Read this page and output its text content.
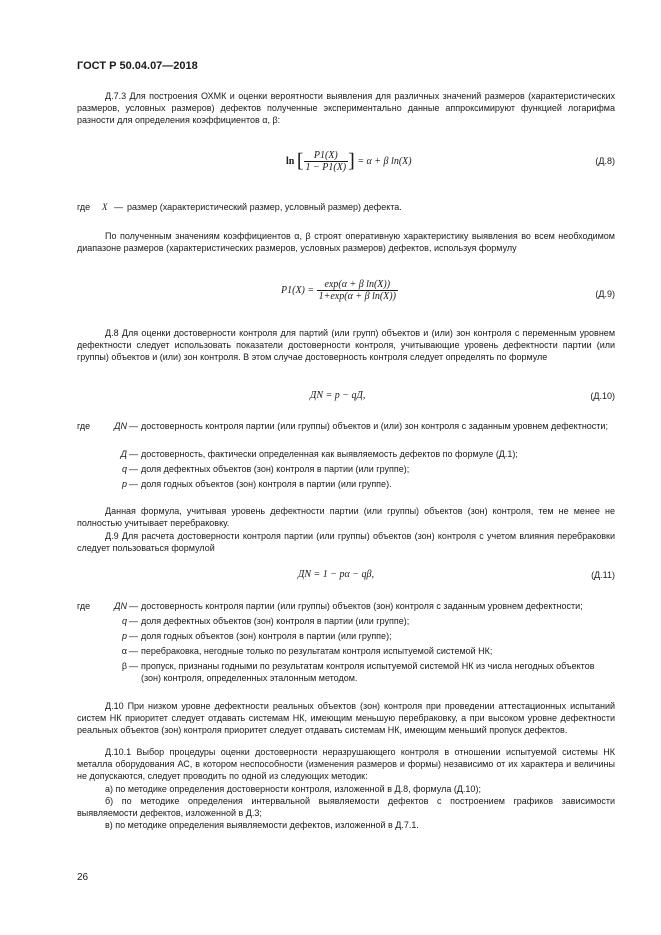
ГОСТ Р 50.04.07—2018

Д.7.3 Для построения ОХМК и оценки вероятности выявления для различных значений размеров (характеристических размеров, условных размеров) дефектов полученные экспериментально данные аппроксимируют функцией логарифма разности для определения коэффициентов α, β:

ln [ $\frac{P1(X)}{1 - P1(X)}$ ] = α + β ln(X)	(Д.8)
где X — размер (характеристический размер, условный размер) дефекта.

По полученным значениям коэффициентов α, β строят оперативную характеристику выявления во всем необходимом диапазоне размеров (характеристических размеров, условных размеров) дефектов, используя формулу

$P1(X) = \frac{\text{exp(α + β ln(X))}}{\text{1+exp(α + β ln(X))}}$	(Д.9)

Д.8 Для оценки достоверности контроля для партий (или групп) объектов и (или) зон контроля с переменным уровнем дефектности следует использовать показатели достоверности контроля, учитывающие уровень дефектности партии (или группы) объектов и (или) зон контроля. В этом случае достоверность контроля следует определять по формуле

ДN = p − qД,	(Д.10)
где	ДN — достоверность контроля партии (или группы) объектов и (или) зон контроля с заданным уровнем дефектности;
Д — достоверность, фактически определенная как выявляемость дефектов по формуле (Д.1);
q — доля дефектных объектов (зон) контроля в партии (или группе);
p — доля годных объектов (зон) контроля в партии (или группе).

Данная формула, учитывая уровень дефектности партии (или группы) объектов (зон) контроля, тем не менее не полностью учитывает перебраковку.

Д.9 Для расчета достоверности контроля партии (или группы) объектов (зон) контроля с учетом влияния перебраковки следует пользоваться формулой

ДN = 1 − pα − qβ,	(Д.11)
где	ДN — достоверность контроля партии (или группы) объектов (зон) контроля с заданным уровнем дефектности;
q — доля дефектных объектов (зон) контроля в партии (или группе);
p — доля годных объектов (зон) контроля в партии (или группе);
α — перебраковка, негодные только по результатам контроля испытуемой системой НК;
β — пропуск, признаны годными по результатам контроля испытуемой системой НК из числа негодных объектов (зон) контроля, определенных эталонным методом.

Д.10 При низком уровне дефектности реальных объектов (зон) контроля при проведении аттестационных испытаний систем НК приоритет следует отдавать системам НК, имеющим меньшую перебраковку, а при высоком уровне дефектности реальных объектов (зон) контроля приоритет следует отдавать системам НК, имеющим меньший пропуск дефектов.

Д.10.1 Выбор процедуры оценки достоверности неразрушающего контроля в отношении испытуемой системы НК металла оборудования АС, в котором неспособности (изменения размеров и формы) независимо от их характера и величины не допускаются, следует проводить по одной из следующих методик:

а) по методике определения достоверности контроля, изложенной в Д.8, формула (Д.10);

б) по методике определения интервальной выявляемости дефектов с построением графиков зависимости выявляемости дефектов, изложенной в Д.3;

в) по методике определения выявляемости дефектов, изложенной в Д.7.1.

26
